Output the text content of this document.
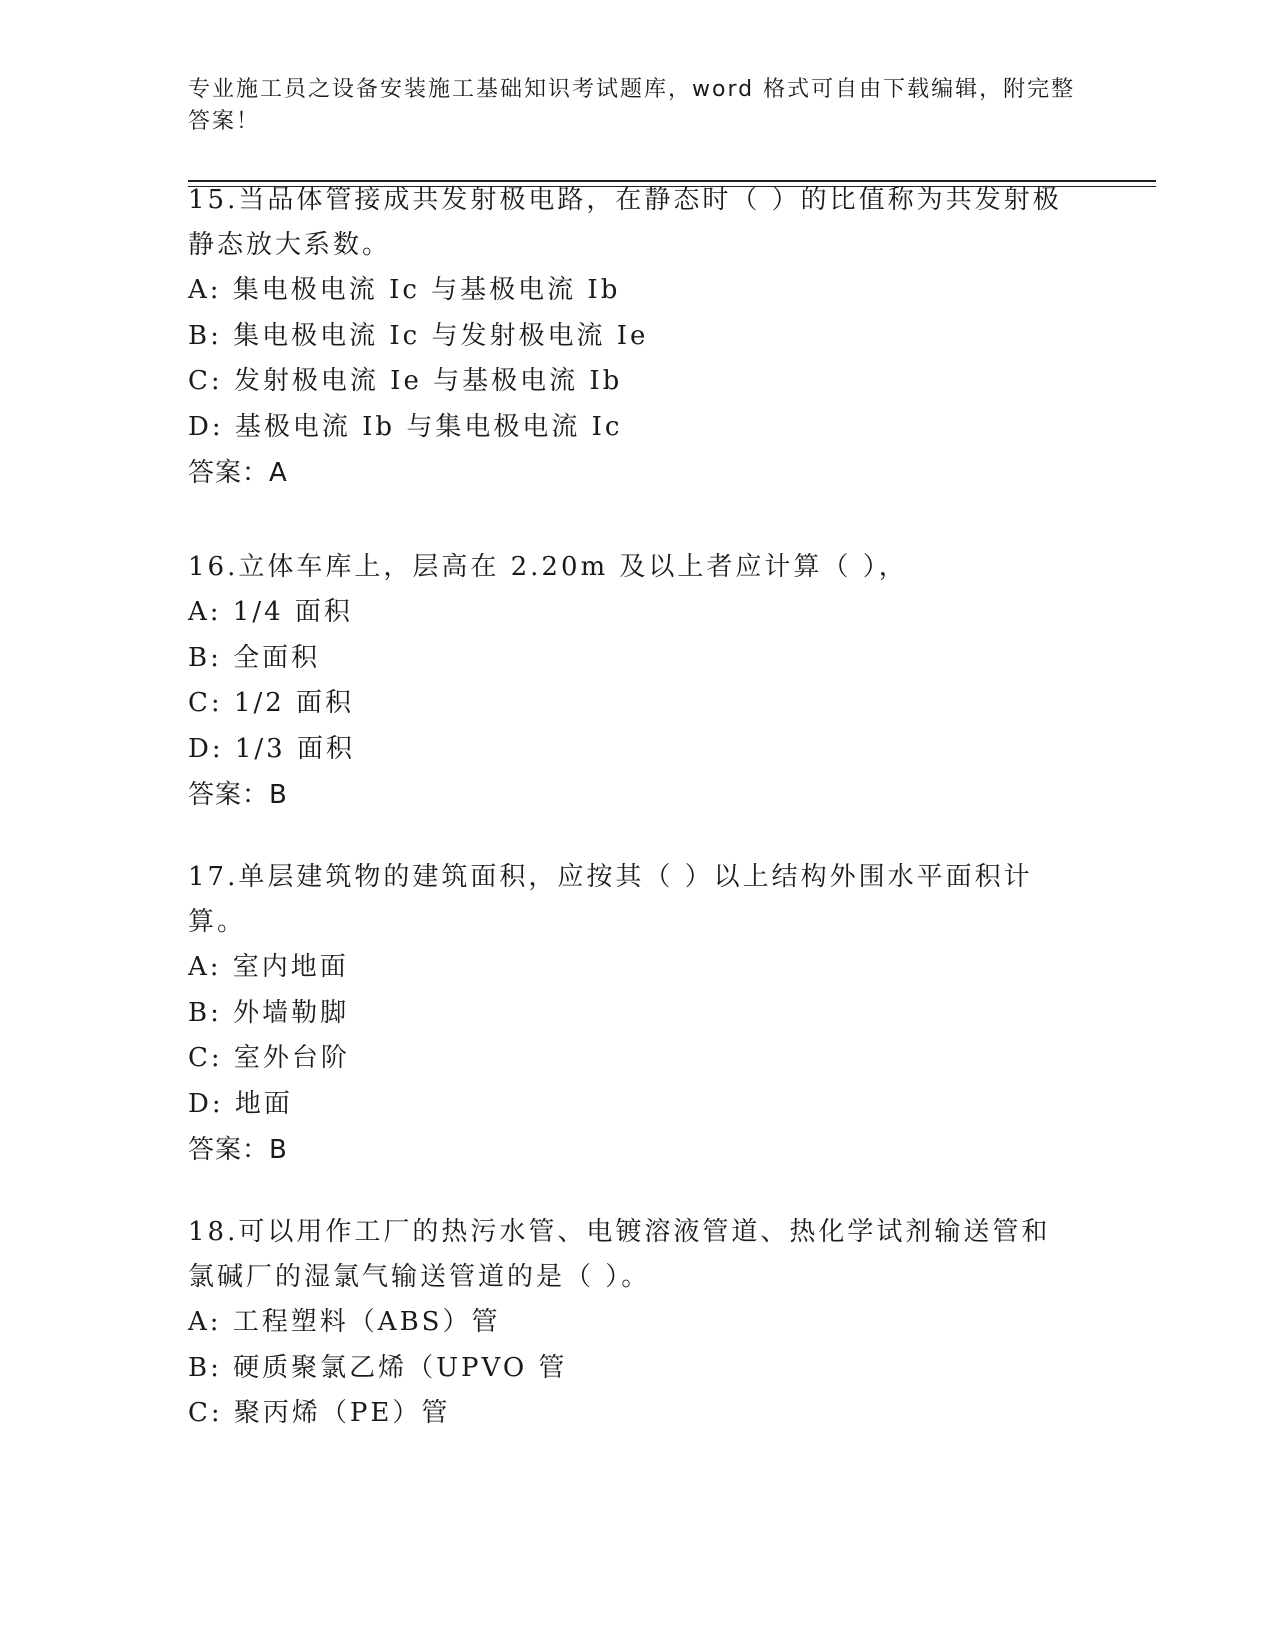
专业施工员之设备安装施工基础知识考试题库，word 格式可自由下载编辑，附完整答案！
15.当品体管接成共发射极电路，在静态时（ ）的比值称为共发射极静态放大系数。
A: 集电极电流 Ic 与基极电流 Ib
B: 集电极电流 Ic 与发射极电流 Ie
C: 发射极电流 Ie 与基极电流 Ib
D: 基极电流 Ib 与集电极电流 Ic
答案：A
16.立体车库上，层高在 2.20m 及以上者应计算（ ），
A: 1/4 面积
B: 全面积
C: 1/2 面积
D: 1/3 面积
答案：B
17.单层建筑物的建筑面积，应按其（ ）以上结构外围水平面积计算。
A: 室内地面
B: 外墙勒脚
C: 室外台阶
D: 地面
答案：B
18.可以用作工厂的热污水管、电镀溶液管道、热化学试剂输送管和氯碱厂的湿氯气输送管道的是（ ）。
A: 工程塑料（ABS）管
B: 硬质聚氯乙烯（UPVO 管
C: 聚丙烯（PE）管
